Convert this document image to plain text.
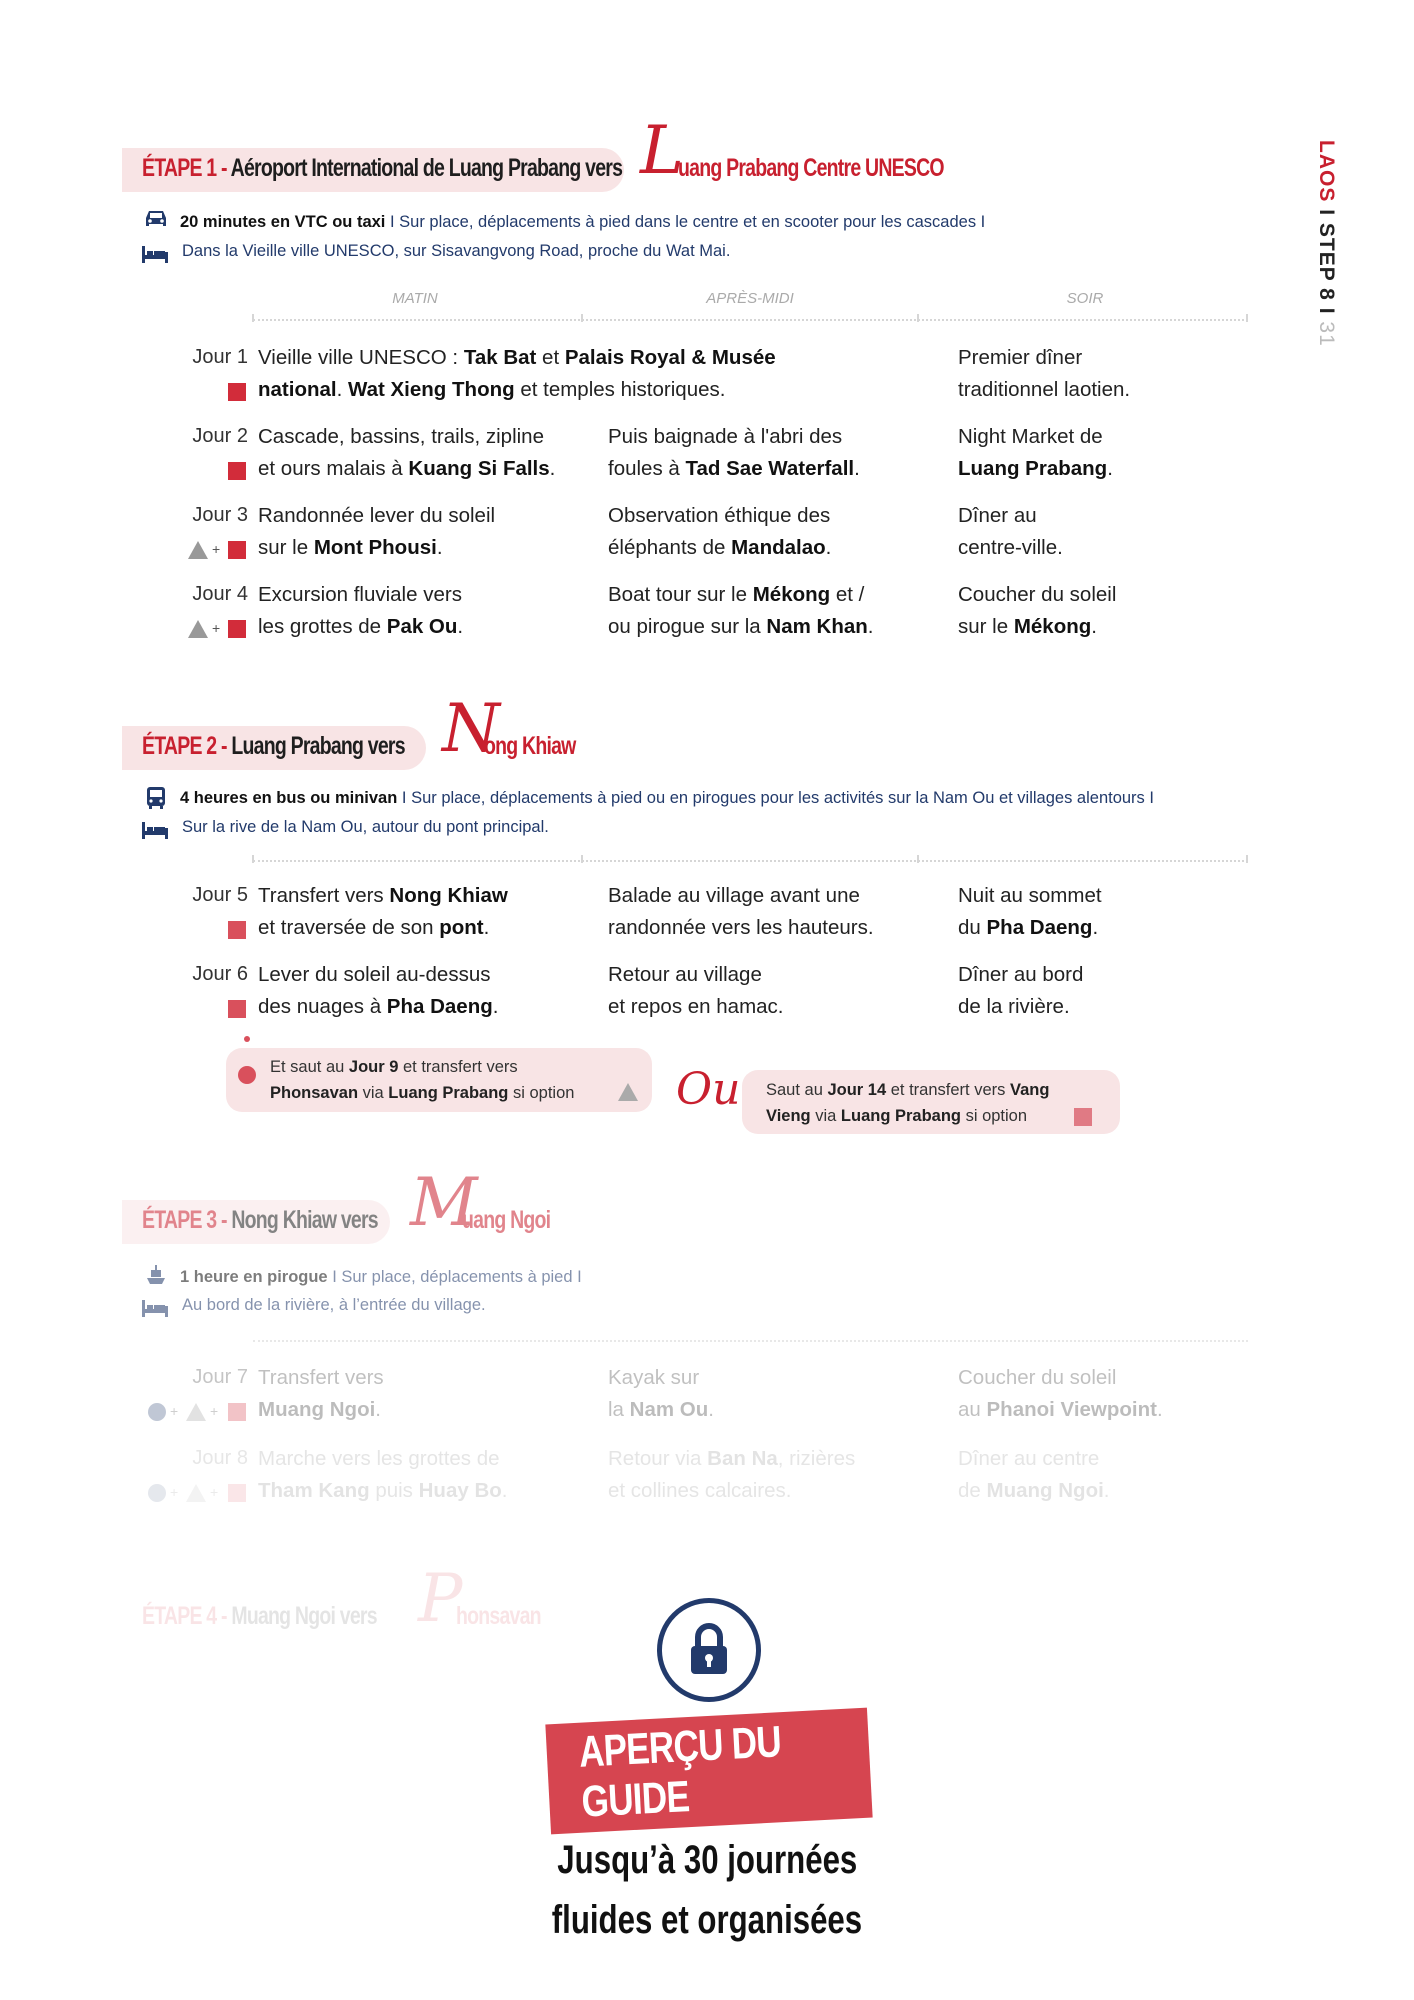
LAOS I STEP 8 I 31
ÉTAPE 1 - Aéroport International de Luang Prabang vers L
uang Prabang Centre UNESCO
20 minutes en VTC ou taxi I Sur place, déplacements à pied dans le centre et en scooter pour les cascades I
Dans la Vieille ville UNESCO, sur Sisavangvong Road, proche du Wat Mai.
MATIN	APRÈS-MIDI	SOIR
Jour 1 Vieille ville UNESCO : Tak Bat et Palais Royal & Musée
national. Wat Xieng Thong et temples historiques.
Premier dîner
traditionnel laotien.
Jour 2 Cascade, bassins, trails, zipline
et ours malais à Kuang Si Falls.
Puis baignade à l'abri des
foules à Tad Sae Waterfall.
Night Market de
Luang Prabang.
Jour 3
+
Randonnée lever du soleil
sur le Mont Phousi.
Observation éthique des
éléphants de Mandalao.
Dîner au
centre-ville.
Jour 4
+
Excursion fluviale vers
les grottes de Pak Ou.
Boat tour sur le Mékong et /
ou pirogue sur la Nam Khan.
Coucher du soleil
sur le Mékong.
ÉTAPE 2 - Luang Prabang vers N
ong Khiaw
4 heures en bus ou minivan I Sur place, déplacements à pied ou en pirogues pour les activités sur la Nam Ou et villages alentours I
Sur la rive de la Nam Ou, autour du pont principal.
Jour 5 Transfert vers Nong Khiaw
et traversée de son pont.
Balade au village avant une
randonnée vers les hauteurs.
Nuit au sommet
du Pha Daeng.
Jour 6 Lever du soleil au-dessus
des nuages à Pha Daeng.
Retour au village
et repos en hamac.
Dîner au bord
de la rivière.
Et saut au Jour 9 et transfert vers
Phonsavan via Luang Prabang si option Ou Saut au Jour 14 et transfert vers Vang
Vieng via Luang Prabang si option
ÉTAPE 3 - Nong Khiaw vers M
uang Ngoi
1 heure en pirogue I Sur place, déplacements à pied I
Au bord de la rivière, à l’entrée du village.
Jour 7
+ +
Transfert vers
Muang Ngoi.
Kayak sur
la Nam Ou.
Coucher du soleil
au Phanoi Viewpoint.
Jour 8
+ +
Marche vers les grottes de
Tham Kang puis Huay Bo.
Retour via Ban Na, rizières
et collines calcaires.
Dîner au centre
de Muang Ngoi.
ÉTAPE 4 - Muang Ngoi vers P
honsavan
APERÇU DU GUIDE
Jusqu’à 30 journées
fluides et organisées
